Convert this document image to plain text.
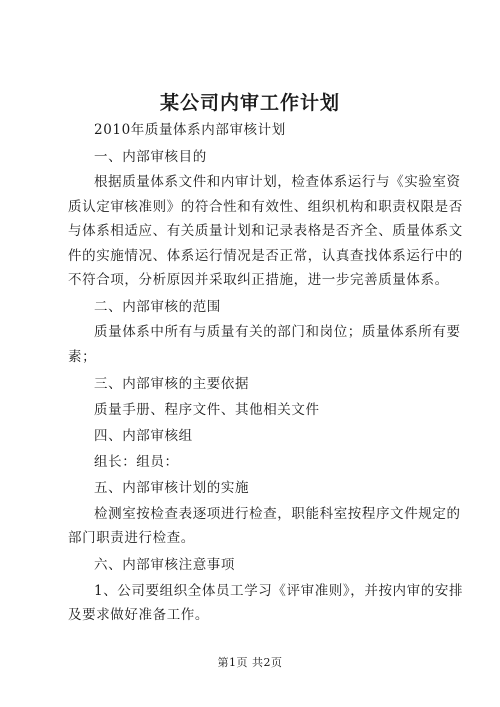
某公司内审工作计划
2010年质量体系内部审核计划
一、内部审核目的
根据质量体系文件和内审计划，检查体系运行与《实验室资
质认定审核准则》的符合性和有效性、组织机构和职责权限是否
与体系相适应、有关质量计划和记录表格是否齐全、质量体系文
件的实施情况、体系运行情况是否正常，认真查找体系运行中的
不符合项，分析原因并采取纠正措施，进一步完善质量体系。
二、内部审核的范围
质量体系中所有与质量有关的部门和岗位；质量体系所有要
素；
三、内部审核的主要依据
质量手册、程序文件、其他相关文件
四、内部审核组
组长：组员：
五、内部审核计划的实施
检测室按检查表逐项进行检查，职能科室按程序文件规定的
部门职责进行检查。
六、内部审核注意事项
1、公司要组织全体员工学习《评审准则》，并按内审的安排
及要求做好准备工作。
第1页 共2页
